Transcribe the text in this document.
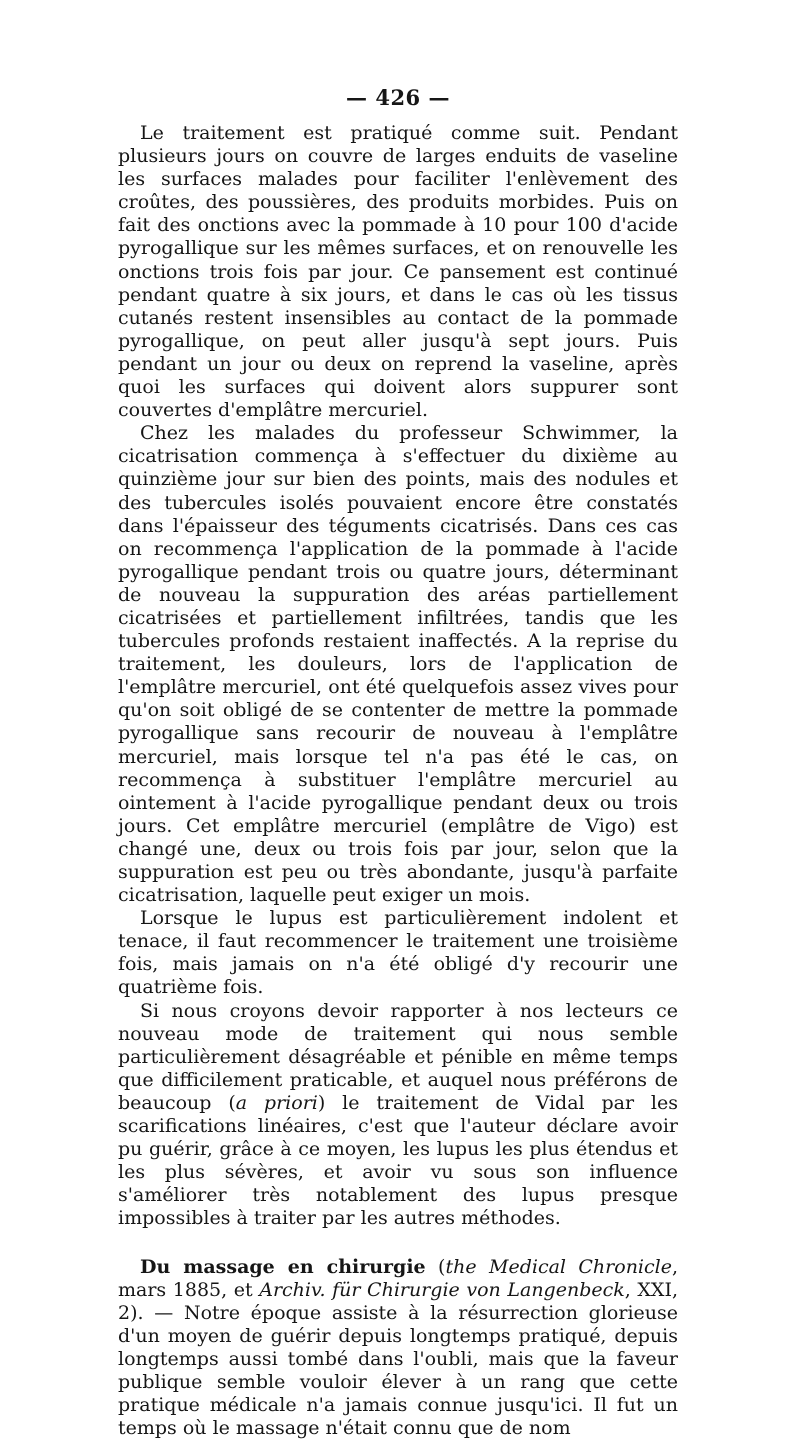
— 426 —

Le traitement est pratiqué comme suit. Pendant plusieurs jours on couvre de larges enduits de vaseline les surfaces malades pour faciliter l'enlèvement des croûtes, des poussières, des produits morbides. Puis on fait des onctions avec la pommade à 10 pour 100 d'acide pyrogallique sur les mêmes surfaces, et on renouvelle les onctions trois fois par jour. Ce pansement est continué pendant quatre à six jours, et dans le cas où les tissus cutanés restent insensibles au contact de la pommade pyrogallique, on peut aller jusqu'à sept jours. Puis pendant un jour ou deux on reprend la vaseline, après quoi les surfaces qui doivent alors suppurer sont couvertes d'emplâtre mercuriel.

Chez les malades du professeur Schwimmer, la cicatrisation commença à s'effectuer du dixième au quinzième jour sur bien des points, mais des nodules et des tubercules isolés pouvaient encore être constatés dans l'épaisseur des téguments cicatrisés. Dans ces cas on recommença l'application de la pommade à l'acide pyrogallique pendant trois ou quatre jours, déterminant de nouveau la suppuration des aréas partiellement cicatrisées et partiellement infiltrées, tandis que les tubercules profonds restaient inaffectés. A la reprise du traitement, les douleurs, lors de l'application de l'emplâtre mercuriel, ont été quelquefois assez vives pour qu'on soit obligé de se contenter de mettre la pommade pyrogallique sans recourir de nouveau à l'emplâtre mercuriel, mais lorsque tel n'a pas été le cas, on recommença à substituer l'emplâtre mercuriel au ointement à l'acide pyrogallique pendant deux ou trois jours. Cet emplâtre mercuriel (emplâtre de Vigo) est changé une, deux ou trois fois par jour, selon que la suppuration est peu ou très abondante, jusqu'à parfaite cicatrisation, laquelle peut exiger un mois.

Lorsque le lupus est particulièrement indolent et tenace, il faut recommencer le traitement une troisième fois, mais jamais on n'a été obligé d'y recourir une quatrième fois.

Si nous croyons devoir rapporter à nos lecteurs ce nouveau mode de traitement qui nous semble particulièrement désagréable et pénible en même temps que difficilement praticable, et auquel nous préférons de beaucoup (a priori) le traitement de Vidal par les scarifications linéaires, c'est que l'auteur déclare avoir pu guérir, grâce à ce moyen, les lupus les plus étendus et les plus sévères, et avoir vu sous son influence s'améliorer très notablement des lupus presque impossibles à traiter par les autres méthodes.

Du massage en chirurgie (the Medical Chronicle, mars 1885, et Archiv. für Chirurgie von Langenbeck, XXI, 2). — Notre époque assiste à la résurrection glorieuse d'un moyen de guérir depuis longtemps pratiqué, depuis longtemps aussi tombé dans l'oubli, mais que la faveur publique semble vouloir élever à un rang que cette pratique médicale n'a jamais connue jusqu'ici. Il fut un temps où le massage n'était connu que de nom
